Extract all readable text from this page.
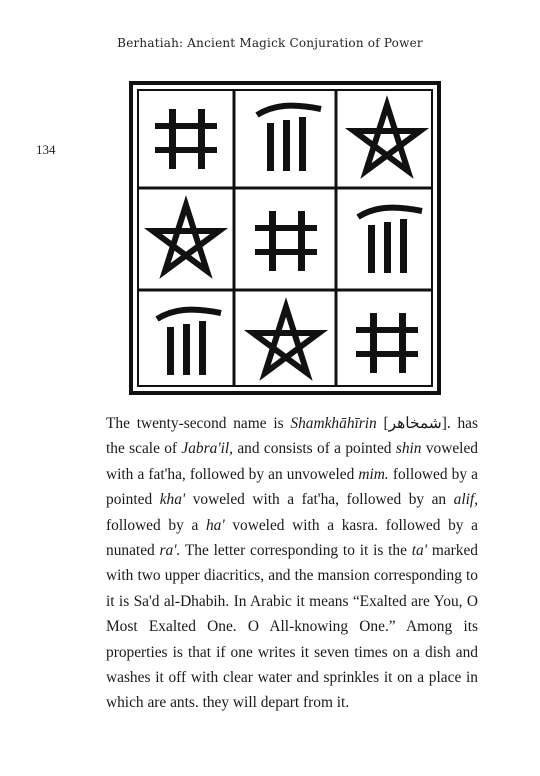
Berhatiah: Ancient Magick Conjuration of Power
134

The twenty-second name is Shamkhāhīrin [شمخاهر]. has the scale of Jabra'il, and consists of a pointed shin voweled with a fat'ha, followed by an unvoweled mim. followed by a pointed kha' voweled with a fat'ha, followed by an alif, followed by a ha' voweled with a kasra. followed by a nunated ra'. The letter corresponding to it is the ta' marked with two upper diacritics, and the mansion corresponding to it is Sa'd al-Dhabih. In Arabic it means “Exalted are You, O Most Exalted One. O All-knowing One.” Among its properties is that if one writes it seven times on a dish and washes it off with clear water and sprinkles it on a place in which are ants. they will depart from it.
